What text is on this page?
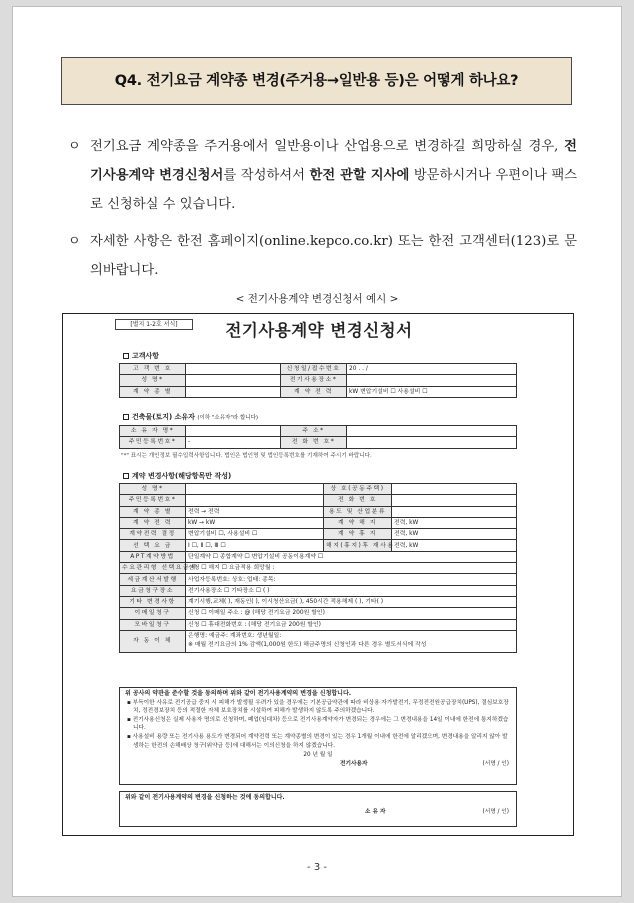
Q4. 전기요금 계약종 변경(주거용→일반용 등)은 어떻게 하나요?
ㅇ 전기요금 계약종을 주거용에서 일반용이나 산업용으로 변경하길 희망하실 경우, 전기사용계약 변경신청서를 작성하셔서 한전 관할 지사에 방문하시거나 우편이나 팩스로 신청하실 수 있습니다.
ㅇ 자세한 사항은 한전 홈페이지(online.kepco.co.kr) 또는 한전 고객센터(123)로 문의바랍니다.
< 전기사용계약 변경신청서 예시 >
[별지 1-2호 서식]	전기사용계약 변경신청서
고객사항
고 객 번 호		신청일/접수번호	20 . . /
성 명*		전기사용장소*	
계 약 종 별		계 약 전 력	kW 변압기설비 ☐ 사용설비 ☐
건축물(토지) 소유자 (이하 "소유자"라 합니다)
소 유 자 명*		주 소*	
주민등록번호*	-	전 화 번 호*	
"*" 표시는 개인정보 필수입력사항입니다. 법인은 법인명 및 법인등록번호를 기재하여 주시기 바랍니다.
계약 변경사항(해당항목만 작성)
성 명*		상 호(공동주택)	
주민등록번호*		전 화 번 호	
계 약 종 별	전력 → 전력	용도 및 산업분류	
계 약 전 력	kW → kW	계 약 해 지	전력, kW
계약전력 결정	변압기설비 ☐, 사용설비 ☐	계 약 휴 지	전력, kW
선 택 요 금	Ⅰ ☐, Ⅱ ☐, Ⅲ ☐	해지(휴지)후 재사용	전력, kW
APT계약방법	단일계약 ☐ 종합계약 ☐ 변압기설비 공동이용계약 ☐		
수요관리형 선택요금제	신청 ☐ 해지 ☐ 요금적용 희망월 :		
세금계산서발행	사업자등록번호: 상호: 업태: 종목:		
요금청구장소	전기사용장소 ☐ 기타장소 ☐ ( )		
기타 변경사항	계기시행,교체( ), 재동인( ), 이시청산요금( ), 450시간 적용해제 ( ), 기타( )		
이메일청구	신청 ☐ 이메일 주소 : @ (해당 전기요금 200원 할인)		
모바일청구	신청 ☐ 휴대전화번호 : (해당 전기요금 200원 할인)		
자 동 이 체	은행명: 예금주: 계좌번호: 생년월일:
※ 매월 전기요금의 1% 감액(1,000원 한도) 해금주명의 신청인과 다른 경우 별도서식에 작성		
위 공사의 약관을 준수할 것을 동의하며 위와 같이 전기사용계약의 변경을 신청합니다.
▪ 부득이한 사유로 전기공급 중지 시 피해가 발생될 우려가 있을 경우에는 기본공급약관에 따라 비상용 자가발전기, 무정전전원공급장치(UPS), 결심보호장치, 정전경보장치 등의 적절한 자체 보호장치를 시설하여 피해가 발생하지 않도록 주의하겠습니다.
▪ 전기사용신청은 실제 사용자 명의로 신청하며, 폐업(임대차) 등으로 전기사용계약자가 변경되는 경우에는 그 변경내용을 14일 이내에 한전에 통지하겠습니다.
▪ 사용설비 용량 또는 전기사용 용도가 변경되어 계약전력 또는 계약종별의 변경이 있는 경우 1개월 이내에 한전에 알리겠으며, 변경내용을 알리지 않아 발생하는 한전의 손해배상 청구(위약금 등)에 대해서는 이의신청을 하지 않겠습니다.
20 년 월 일
전기사용자	(서명 / 인)
위와 같이 전기사용계약의 변경을 신청하는 것에 동의합니다.
소 유 자	(서명 / 인)
- 3 -
